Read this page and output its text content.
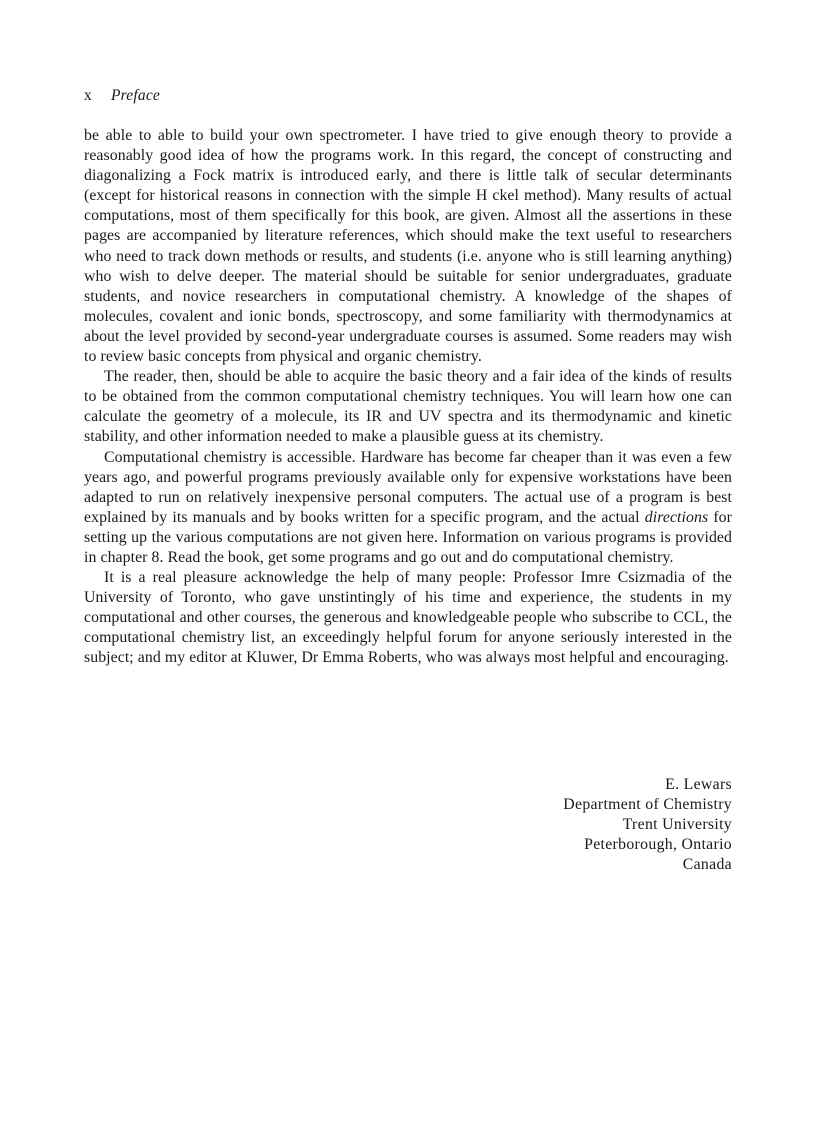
x Preface

be able to able to build your own spectrometer. I have tried to give enough theory to provide a reasonably good idea of how the programs work. In this regard, the concept of constructing and diagonalizing a Fock matrix is introduced early, and there is little talk of secular determinants (except for historical reasons in connection with the simple H ckel method). Many results of actual computations, most of them specifically for this book, are given. Almost all the assertions in these pages are accompanied by literature references, which should make the text useful to researchers who need to track down methods or results, and students (i.e. anyone who is still learning anything) who wish to delve deeper. The material should be suitable for senior undergraduates, graduate students, and novice researchers in computational chemistry. A knowledge of the shapes of molecules, covalent and ionic bonds, spectroscopy, and some familiarity with thermodynamics at about the level provided by second-year undergraduate courses is assumed. Some readers may wish to review basic concepts from physical and organic chemistry.

The reader, then, should be able to acquire the basic theory and a fair idea of the kinds of results to be obtained from the common computational chemistry techniques. You will learn how one can calculate the geometry of a molecule, its IR and UV spectra and its thermodynamic and kinetic stability, and other information needed to make a plausible guess at its chemistry.

Computational chemistry is accessible. Hardware has become far cheaper than it was even a few years ago, and powerful programs previously available only for expensive workstations have been adapted to run on relatively inexpensive personal computers. The actual use of a program is best explained by its manuals and by books written for a specific program, and the actual directions for setting up the various computations are not given here. Information on various programs is provided in chapter 8. Read the book, get some programs and go out and do computational chemistry.

It is a real pleasure acknowledge the help of many people: Professor Imre Csizmadia of the University of Toronto, who gave unstintingly of his time and experience, the students in my computational and other courses, the generous and knowledgeable people who subscribe to CCL, the computational chemistry list, an exceedingly helpful forum for anyone seriously interested in the subject; and my editor at Kluwer, Dr Emma Roberts, who was always most helpful and encouraging.

E. Lewars
Department of Chemistry
Trent University
Peterborough, Ontario
Canada
